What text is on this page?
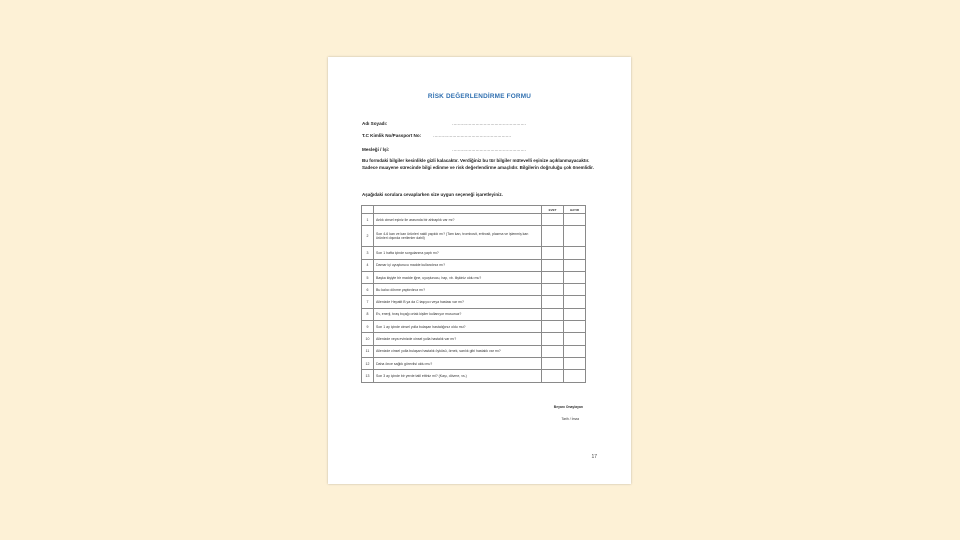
RİSK DEĞERLENDİRME FORMU
Adı Soyadı:	………………………………………………
T.C Kimlik No/Passport No:	…………………………………………………
Mesleği / İşi:	………………………………………………
Bu formdaki bilgiler kesinlikle gizli kalacaktır. Verdiğiniz bu tür bilgiler mütevelli eşinize açıklanmayacaktır. Sadece muayene sürecinde bilgi edinme ve risk değerlendirme amaçlıdır. Bilgilerin doğruluğu çok önemlidir.
Aşağıdaki sorulara cevaplarken size uygun seçeneği işaretleyiniz.
		EVET	HAYIR
1	Anlık cinsel eşiniz ile arasında bir ahbaplık var mı?		
2	Son 4-6 kan ve kan ürünleri nakli yapıldı mı? (Tam kan, trombosit, eritrosit, plazma ve işlenmiş kan ürünleri dışında verilenler dahil)		
3	Son 1 hafta içinde sorgulanma yaptı mı?		
4	Damar içi uyuşturucu madde kullandınız mı?		
5	Başka kişiyle bir madde iğne, uyuşturucu, hap, vb. ilişkiniz oldu mu?		
6	Bu kalıcı dövme yaptırdınız mı?		
7	Ailenizde Hepatit B ya da C taşıyıcı veya hastası var mı?		
8	Ev, enerji, tıraş bıçağı ortak kişiler kullanıyor musunuz?		
9	Son 1 ay içinde cinsel yolla bulaşan hastalığınız oldu mu?		
10	Ailenizde veya evinizde cinsel yolla hastalık var mı?		
11	Ailenizde cinsel yolla bulaşan hastalık öyküsü, örnek, sarılık gibi hastalık var mı?		
12	Daha önce sağlık görevlisi oldu mu?		
13	Son 3 ay içinde bir yerde tatil ettiniz mi? (Kaşı, dövme, vs.)		
Beyanı Onaylayan
Tarih / İmza
17
